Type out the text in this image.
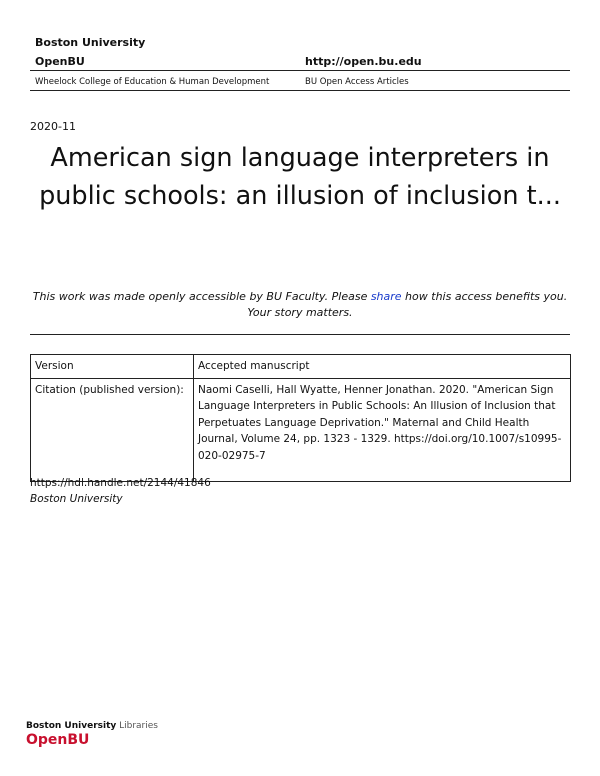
Boston University
OpenBU	http://open.bu.edu
Wheelock College of Education & Human Development	BU Open Access Articles
2020-11
American sign language interpreters in public schools: an illusion of inclusion t...
This work was made openly accessible by BU Faculty. Please share how this access benefits you. Your story matters.
Version	Accepted manuscript
Citation (published version):	Naomi Caselli, Hall Wyatte, Henner Jonathan. 2020. "American Sign Language Interpreters in Public Schools: An Illusion of Inclusion that Perpetuates Language Deprivation." Maternal and Child Health Journal, Volume 24, pp. 1323 - 1329. https://doi.org/10.1007/s10995-020-02975-7
https://hdl.handle.net/2144/41846
Boston University
Boston University Libraries
OpenBU
